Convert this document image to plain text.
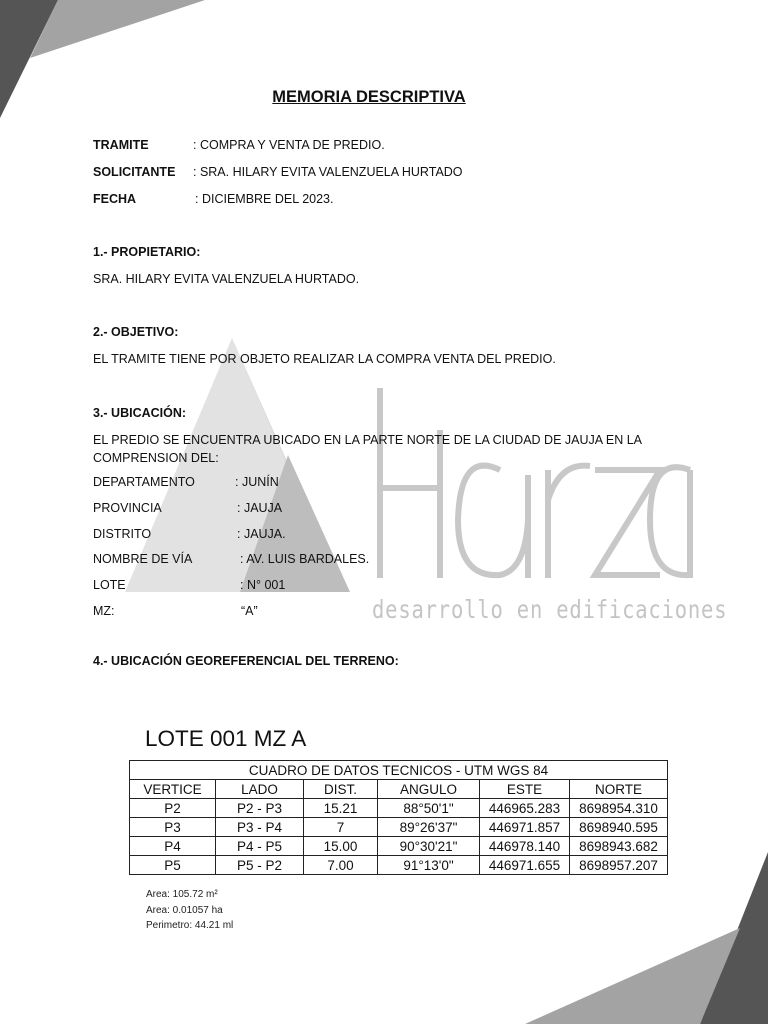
desarrollo en edificaciones
MEMORIA DESCRIPTIVA
TRAMITE	: COMPRA Y VENTA DE PREDIO.
SOLICITANTE : SRA. HILARY EVITA VALENZUELA HURTADO
FECHA	: DICIEMBRE DEL 2023.
1.- PROPIETARIO:
SRA. HILARY EVITA VALENZUELA HURTADO.
2.- OBJETIVO:
EL TRAMITE TIENE POR OBJETO REALIZAR LA COMPRA VENTA DEL PREDIO.
3.- UBICACIÓN:
EL PREDIO SE ENCUENTRA UBICADO EN LA PARTE NORTE DE LA CIUDAD DE JAUJA EN LA COMPRENSION DEL:
DEPARTAMENTO	: JUNÍN
PROVINCIA	: JAUJA
DISTRITO	: JAUJA.
NOMBRE DE VÍA	: AV. LUIS BARDALES.
LOTE	: N° 001
MZ:	“A”
4.- UBICACIÓN GEOREFERENCIAL DEL TERRENO:
LOTE 001 MZ A
CUADRO DE DATOS TECNICOS - UTM WGS 84					
VERTICE	LADO	DIST.	ANGULO	ESTE	NORTE
P2	P2 - P3	15.21	88°50'1"	446965.283	8698954.310
P3	P3 - P4	7	89°26'37"	446971.857	8698940.595
P4	P4 - P5	15.00	90°30'21"	446978.140	8698943.682
P5	P5 - P2	7.00	91°13'0"	446971.655	8698957.207
Area: 105.72 m²
Area: 0.01057 ha
Perimetro: 44.21 ml
